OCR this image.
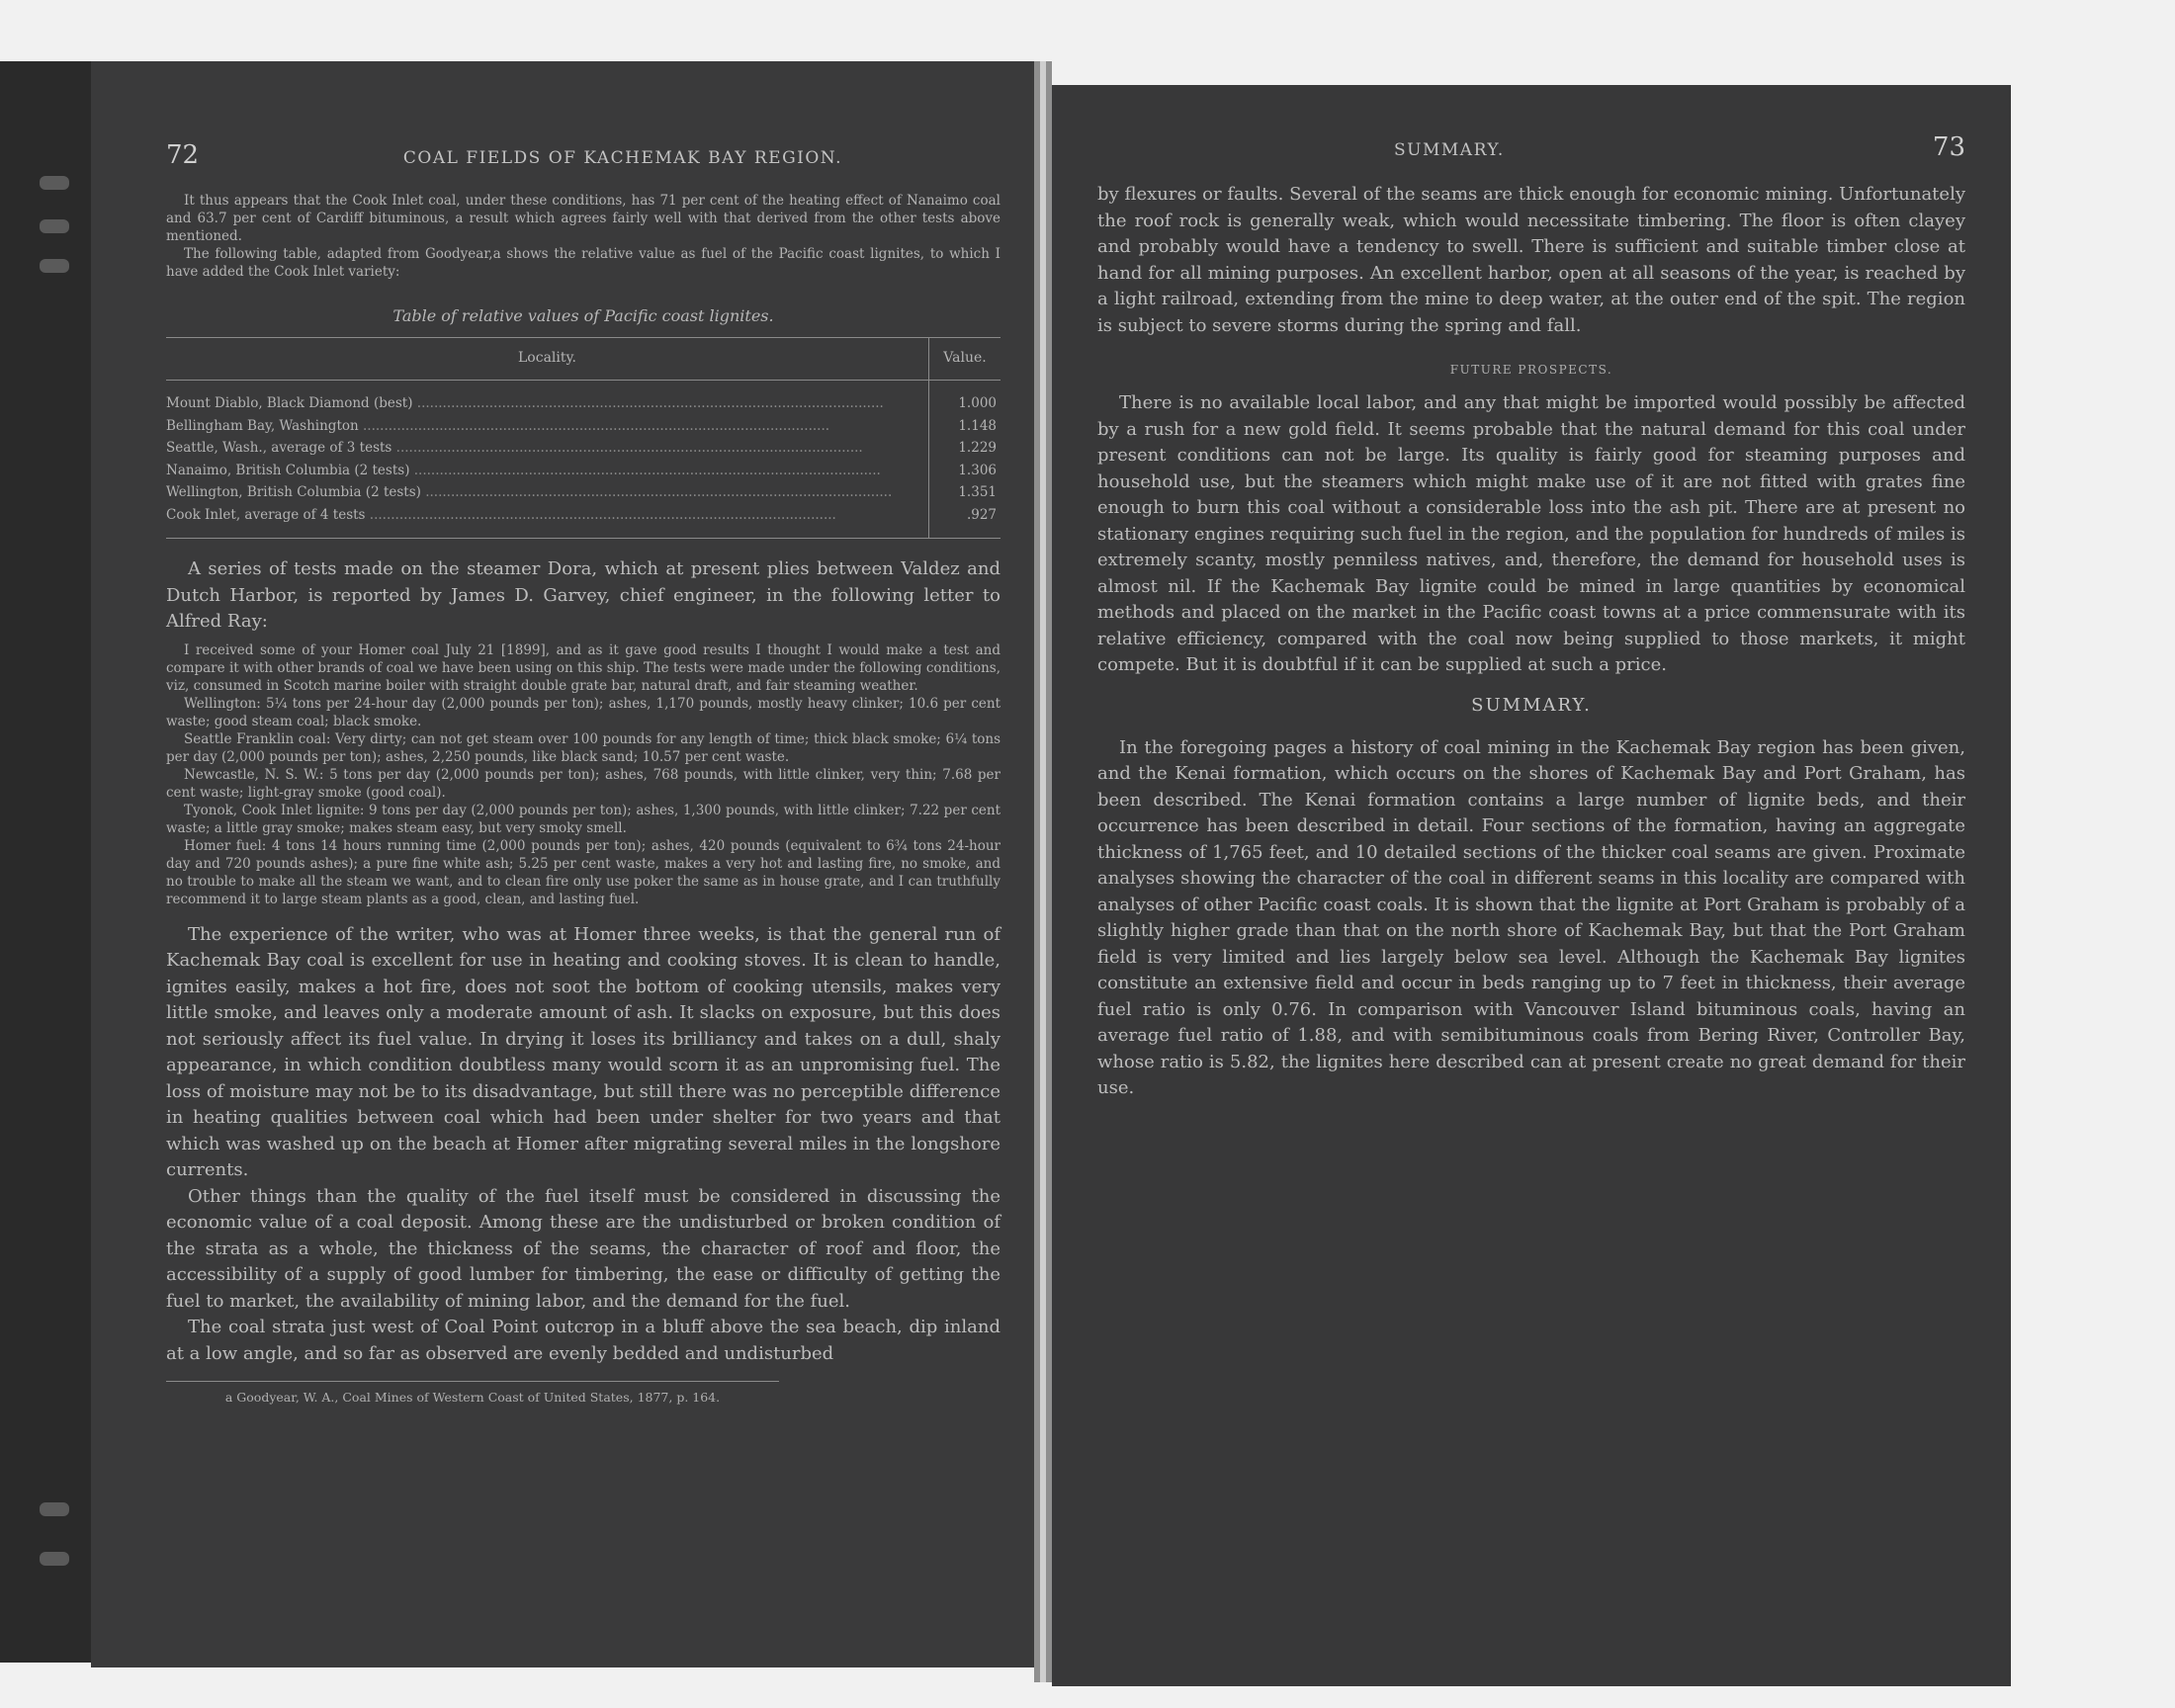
72	COAL FIELDS OF KACHEMAK BAY REGION.

It thus appears that the Cook Inlet coal, under these conditions, has 71 per cent of the heating effect of Nanaimo coal and 63.7 per cent of Cardiff bituminous, a result which agrees fairly well with that derived from the other tests above mentioned.

The following table, adapted from Goodyear,a shows the relative value as fuel of the Pacific coast lignites, to which I have added the Cook Inlet variety:

Table of relative values of Pacific coast lignites.
Locality.	Value.
Mount Diablo, Black Diamond (best) ..............................................................................................................	1.000
Bellingham Bay, Washington ..............................................................................................................	1.148
Seattle, Wash., average of 3 tests ..............................................................................................................	1.229
Nanaimo, British Columbia (2 tests) ..............................................................................................................	1.306
Wellington, British Columbia (2 tests) ..............................................................................................................	1.351
Cook Inlet, average of 4 tests ..............................................................................................................	.927

A series of tests made on the steamer Dora, which at present plies between Valdez and Dutch Harbor, is reported by James D. Garvey, chief engineer, in the following letter to Alfred Ray:

I received some of your Homer coal July 21 [1899], and as it gave good results I thought I would make a test and compare it with other brands of coal we have been using on this ship. The tests were made under the following conditions, viz, consumed in Scotch marine boiler with straight double grate bar, natural draft, and fair steaming weather.

Wellington: 5¼ tons per 24-hour day (2,000 pounds per ton); ashes, 1,170 pounds, mostly heavy clinker; 10.6 per cent waste; good steam coal; black smoke.

Seattle Franklin coal: Very dirty; can not get steam over 100 pounds for any length of time; thick black smoke; 6¼ tons per day (2,000 pounds per ton); ashes, 2,250 pounds, like black sand; 10.57 per cent waste.

Newcastle, N. S. W.: 5 tons per day (2,000 pounds per ton); ashes, 768 pounds, with little clinker, very thin; 7.68 per cent waste; light-gray smoke (good coal).

Tyonok, Cook Inlet lignite: 9 tons per day (2,000 pounds per ton); ashes, 1,300 pounds, with little clinker; 7.22 per cent waste; a little gray smoke; makes steam easy, but very smoky smell.

Homer fuel: 4 tons 14 hours running time (2,000 pounds per ton); ashes, 420 pounds (equivalent to 6¾ tons 24-hour day and 720 pounds ashes); a pure fine white ash; 5.25 per cent waste, makes a very hot and lasting fire, no smoke, and no trouble to make all the steam we want, and to clean fire only use poker the same as in house grate, and I can truthfully recommend it to large steam plants as a good, clean, and lasting fuel.

The experience of the writer, who was at Homer three weeks, is that the general run of Kachemak Bay coal is excellent for use in heating and cooking stoves. It is clean to handle, ignites easily, makes a hot fire, does not soot the bottom of cooking utensils, makes very little smoke, and leaves only a moderate amount of ash. It slacks on exposure, but this does not seriously affect its fuel value. In drying it loses its brilliancy and takes on a dull, shaly appearance, in which condition doubtless many would scorn it as an unpromising fuel. The loss of moisture may not be to its disadvantage, but still there was no perceptible difference in heating qualities between coal which had been under shelter for two years and that which was washed up on the beach at Homer after migrating several miles in the longshore currents.

Other things than the quality of the fuel itself must be considered in discussing the economic value of a coal deposit. Among these are the undisturbed or broken condition of the strata as a whole, the thickness of the seams, the character of roof and floor, the accessibility of a supply of good lumber for timbering, the ease or difficulty of getting the fuel to market, the availability of mining labor, and the demand for the fuel.

The coal strata just west of Coal Point outcrop in a bluff above the sea beach, dip inland at a low angle, and so far as observed are evenly bedded and undisturbed

a Goodyear, W. A., Coal Mines of Western Coast of United States, 1877, p. 164.
SUMMARY.	73

by flexures or faults. Several of the seams are thick enough for economic mining. Unfortunately the roof rock is generally weak, which would necessitate timbering. The floor is often clayey and probably would have a tendency to swell. There is sufficient and suitable timber close at hand for all mining purposes. An excellent harbor, open at all seasons of the year, is reached by a light railroad, extending from the mine to deep water, at the outer end of the spit. The region is subject to severe storms during the spring and fall.

FUTURE PROSPECTS.

There is no available local labor, and any that might be imported would possibly be affected by a rush for a new gold field. It seems probable that the natural demand for this coal under present conditions can not be large. Its quality is fairly good for steaming purposes and household use, but the steamers which might make use of it are not fitted with grates fine enough to burn this coal without a considerable loss into the ash pit. There are at present no stationary engines requiring such fuel in the region, and the population for hundreds of miles is extremely scanty, mostly penniless natives, and, therefore, the demand for household uses is almost nil. If the Kachemak Bay lignite could be mined in large quantities by economical methods and placed on the market in the Pacific coast towns at a price commensurate with its relative efficiency, compared with the coal now being supplied to those markets, it might compete. But it is doubtful if it can be supplied at such a price.

SUMMARY.

In the foregoing pages a history of coal mining in the Kachemak Bay region has been given, and the Kenai formation, which occurs on the shores of Kachemak Bay and Port Graham, has been described. The Kenai formation contains a large number of lignite beds, and their occurrence has been described in detail. Four sections of the formation, having an aggregate thickness of 1,765 feet, and 10 detailed sections of the thicker coal seams are given. Proximate analyses showing the character of the coal in different seams in this locality are compared with analyses of other Pacific coast coals. It is shown that the lignite at Port Graham is probably of a slightly higher grade than that on the north shore of Kachemak Bay, but that the Port Graham field is very limited and lies largely below sea level. Although the Kachemak Bay lignites constitute an extensive field and occur in beds ranging up to 7 feet in thickness, their average fuel ratio is only 0.76. In comparison with Vancouver Island bituminous coals, having an average fuel ratio of 1.88, and with semibituminous coals from Bering River, Controller Bay, whose ratio is 5.82, the lignites here described can at present create no great demand for their use.
